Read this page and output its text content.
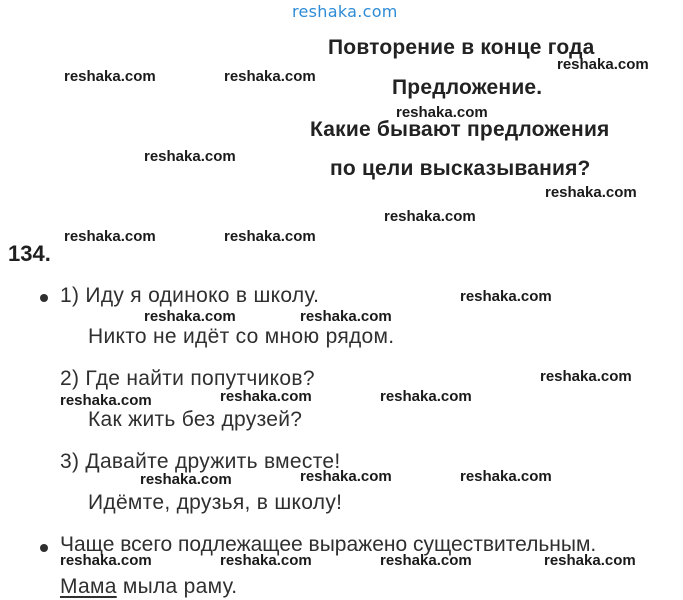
reshaka.com
Повторение в конце года
Предложение.
Какие бывают предложения
по цели высказывания?
134.
1) Иду я одиноко в школу.
Никто не идёт со мною рядом.
2) Где найти попутчиков?
Как жить без друзей?
3) Давайте дружить вместе!
Идёмте, друзья, в школу!
Чаще всего подлежащее выражено существительным.
Мама мыла раму.
reshaka.com	reshaka.com
reshaka.com
reshaka.com
reshaka.com
reshaka.com
reshaka.com
reshaka.com	reshaka.com
reshaka.com
reshaka.com	reshaka.com
reshaka.com
reshaka.com	reshaka.com	reshaka.com
reshaka.com	reshaka.com	reshaka.com
reshaka.com	reshaka.com	reshaka.com	reshaka.com
